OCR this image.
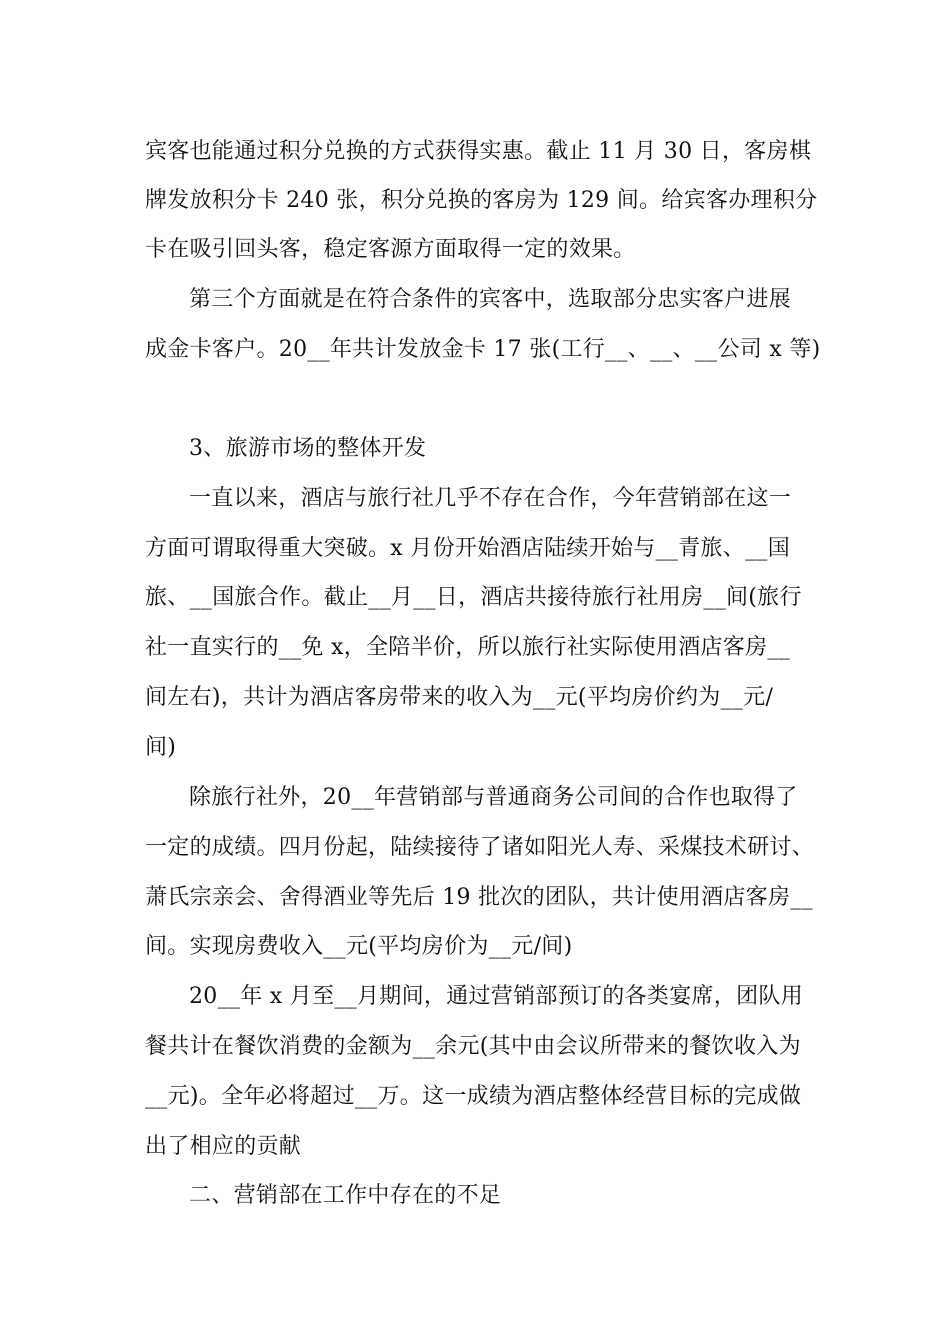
宾客也能通过积分兑换的方式获得实惠。截止 11 月 30 日，客房棋
牌发放积分卡 240 张，积分兑换的客房为 129 间。给宾客办理积分
卡在吸引回头客，稳定客源方面取得一定的效果。
第三个方面就是在符合条件的宾客中，选取部分忠实客户进展
成金卡客户。20__年共计发放金卡 17 张(工行__、__、__公司 x 等)
3、旅游市场的整体开发
一直以来，酒店与旅行社几乎不存在合作，今年营销部在这一
方面可谓取得重大突破。x 月份开始酒店陆续开始与__青旅、__国
旅、__国旅合作。截止__月__日，酒店共接待旅行社用房__间(旅行
社一直实行的__免 x，全陪半价，所以旅行社实际使用酒店客房__
间左右)，共计为酒店客房带来的收入为__元(平均房价约为__元/
间)
除旅行社外，20__年营销部与普通商务公司间的合作也取得了
一定的成绩。四月份起，陆续接待了诸如阳光人寿、采煤技术研讨、
萧氏宗亲会、舍得酒业等先后 19 批次的团队，共计使用酒店客房__
间。实现房费收入__元(平均房价为__元/间)
20__年 x 月至__月期间，通过营销部预订的各类宴席，团队用
餐共计在餐饮消费的金额为__余元(其中由会议所带来的餐饮收入为
__元)。全年必将超过__万。这一成绩为酒店整体经营目标的完成做
出了相应的贡献
二、营销部在工作中存在的不足
